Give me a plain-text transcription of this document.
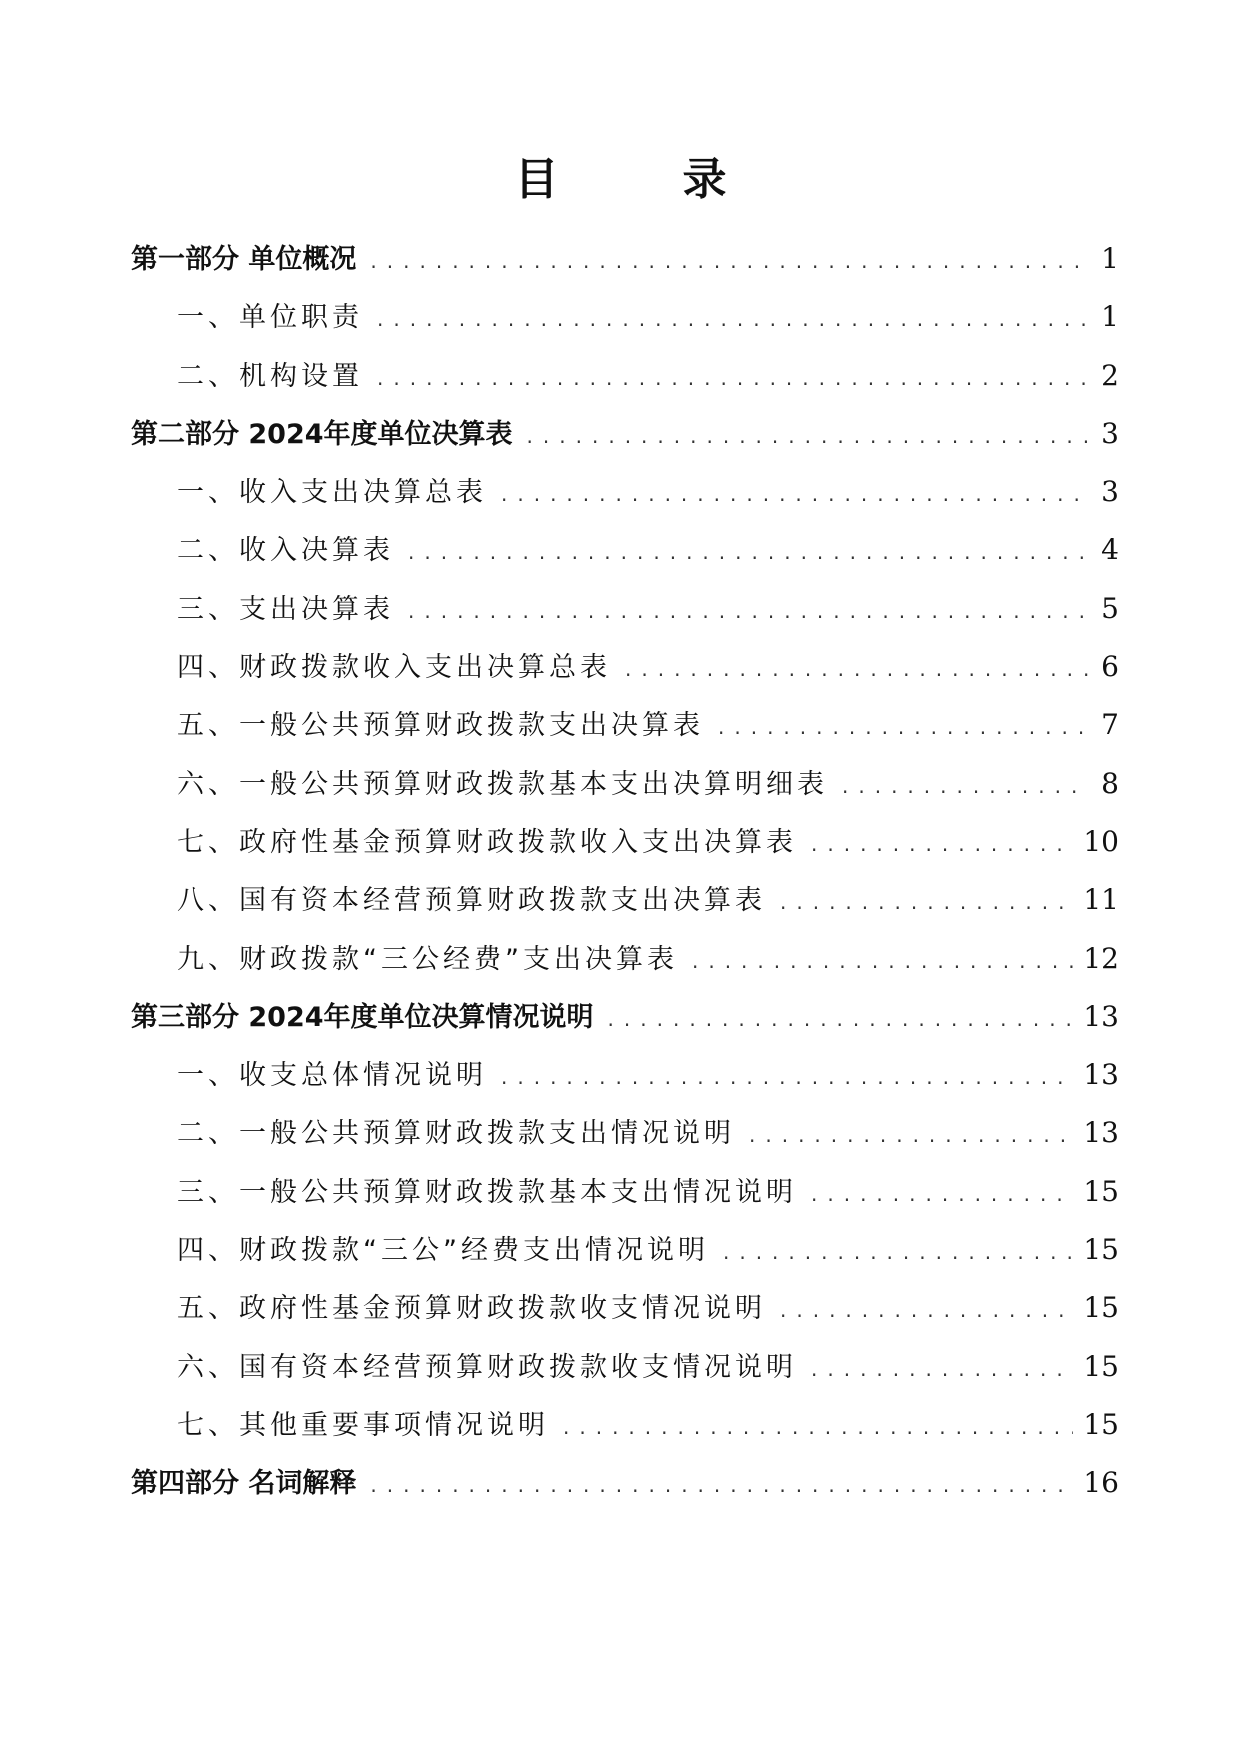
目　录
第一部分 单位概况 .....	1
一、单位职责 .....	1
二、机构设置 .....	2
第二部分 2024年度单位决算表 .....	3
一、收入支出决算总表 .....	3
二、收入决算表 .....	4
三、支出决算表 .....	5
四、财政拨款收入支出决算总表 .....	6
五、一般公共预算财政拨款支出决算表 .....	7
六、一般公共预算财政拨款基本支出决算明细表 .....	8
七、政府性基金预算财政拨款收入支出决算表 .....	10
八、国有资本经营预算财政拨款支出决算表 .....	11
九、财政拨款“三公经费”支出决算表 .....	12
第三部分 2024年度单位决算情况说明 .....	13
一、收支总体情况说明 .....	13
二、一般公共预算财政拨款支出情况说明 .....	13
三、一般公共预算财政拨款基本支出情况说明 .....	15
四、财政拨款“三公”经费支出情况说明 .....	15
五、政府性基金预算财政拨款收支情况说明 .....	15
六、国有资本经营预算财政拨款收支情况说明 .....	15
七、其他重要事项情况说明 .....	15
第四部分 名词解释 .....	16
